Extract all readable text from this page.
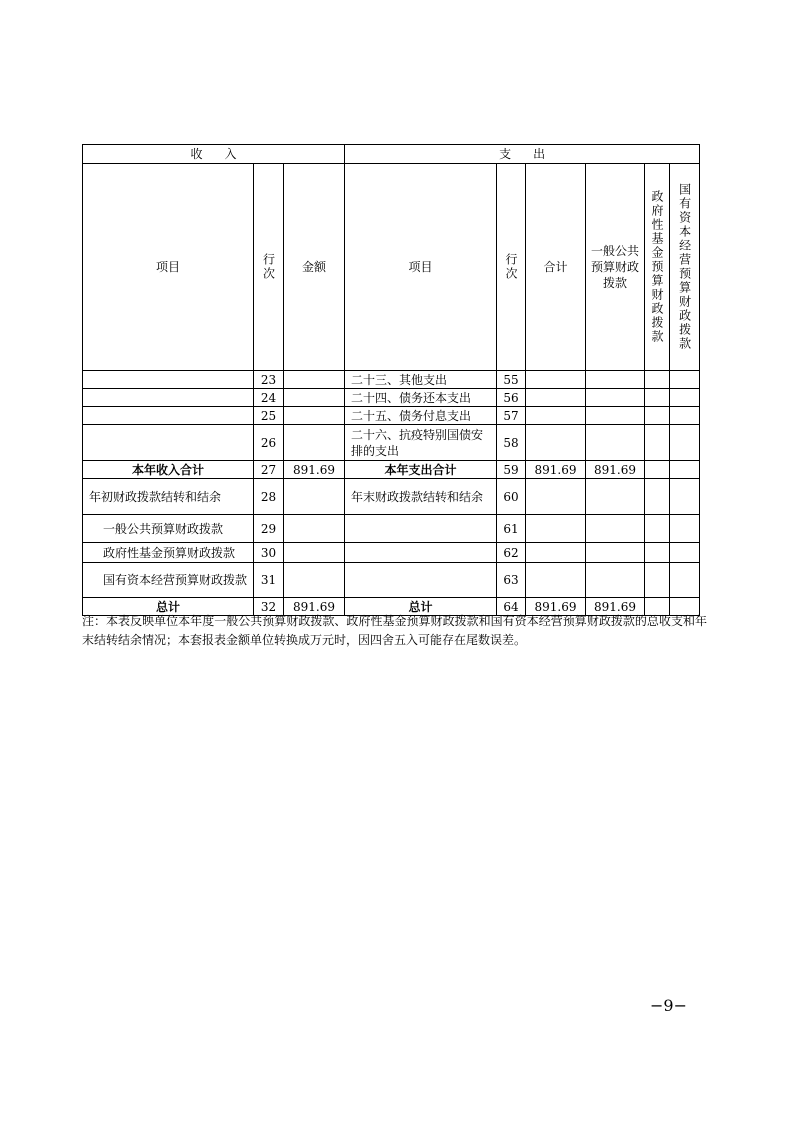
收入			支出					
项目	行次	金额	项目	行次	合计	一般公共预算财政拨款	政府性基金预算财政拨款	国有资本经营预算财政拨款

	23		二十三、其他支出	55				
	24		二十四、债务还本支出	56				
	25		二十五、债务付息支出	57				
	26		二十六、抗疫特别国债安排的支出	58				
本年收入合计	27	891.69	本年支出合计	59	891.69	891.69		
年初财政拨款结转和结余	28		年末财政拨款结转和结余	60				
一般公共预算财政拨款	29			61				
政府性基金预算财政拨款	30			62				
国有资本经营预算财政拨款	31			63				
总计	32	891.69	总计	64	891.69	891.69		
注：本表反映单位本年度一般公共预算财政拨款、政府性基金预算财政拨款和国有资本经营预算财政拨款的总收支和年末结转结余情况；本套报表金额单位转换成万元时，因四舍五入可能存在尾数误差。
−9−
